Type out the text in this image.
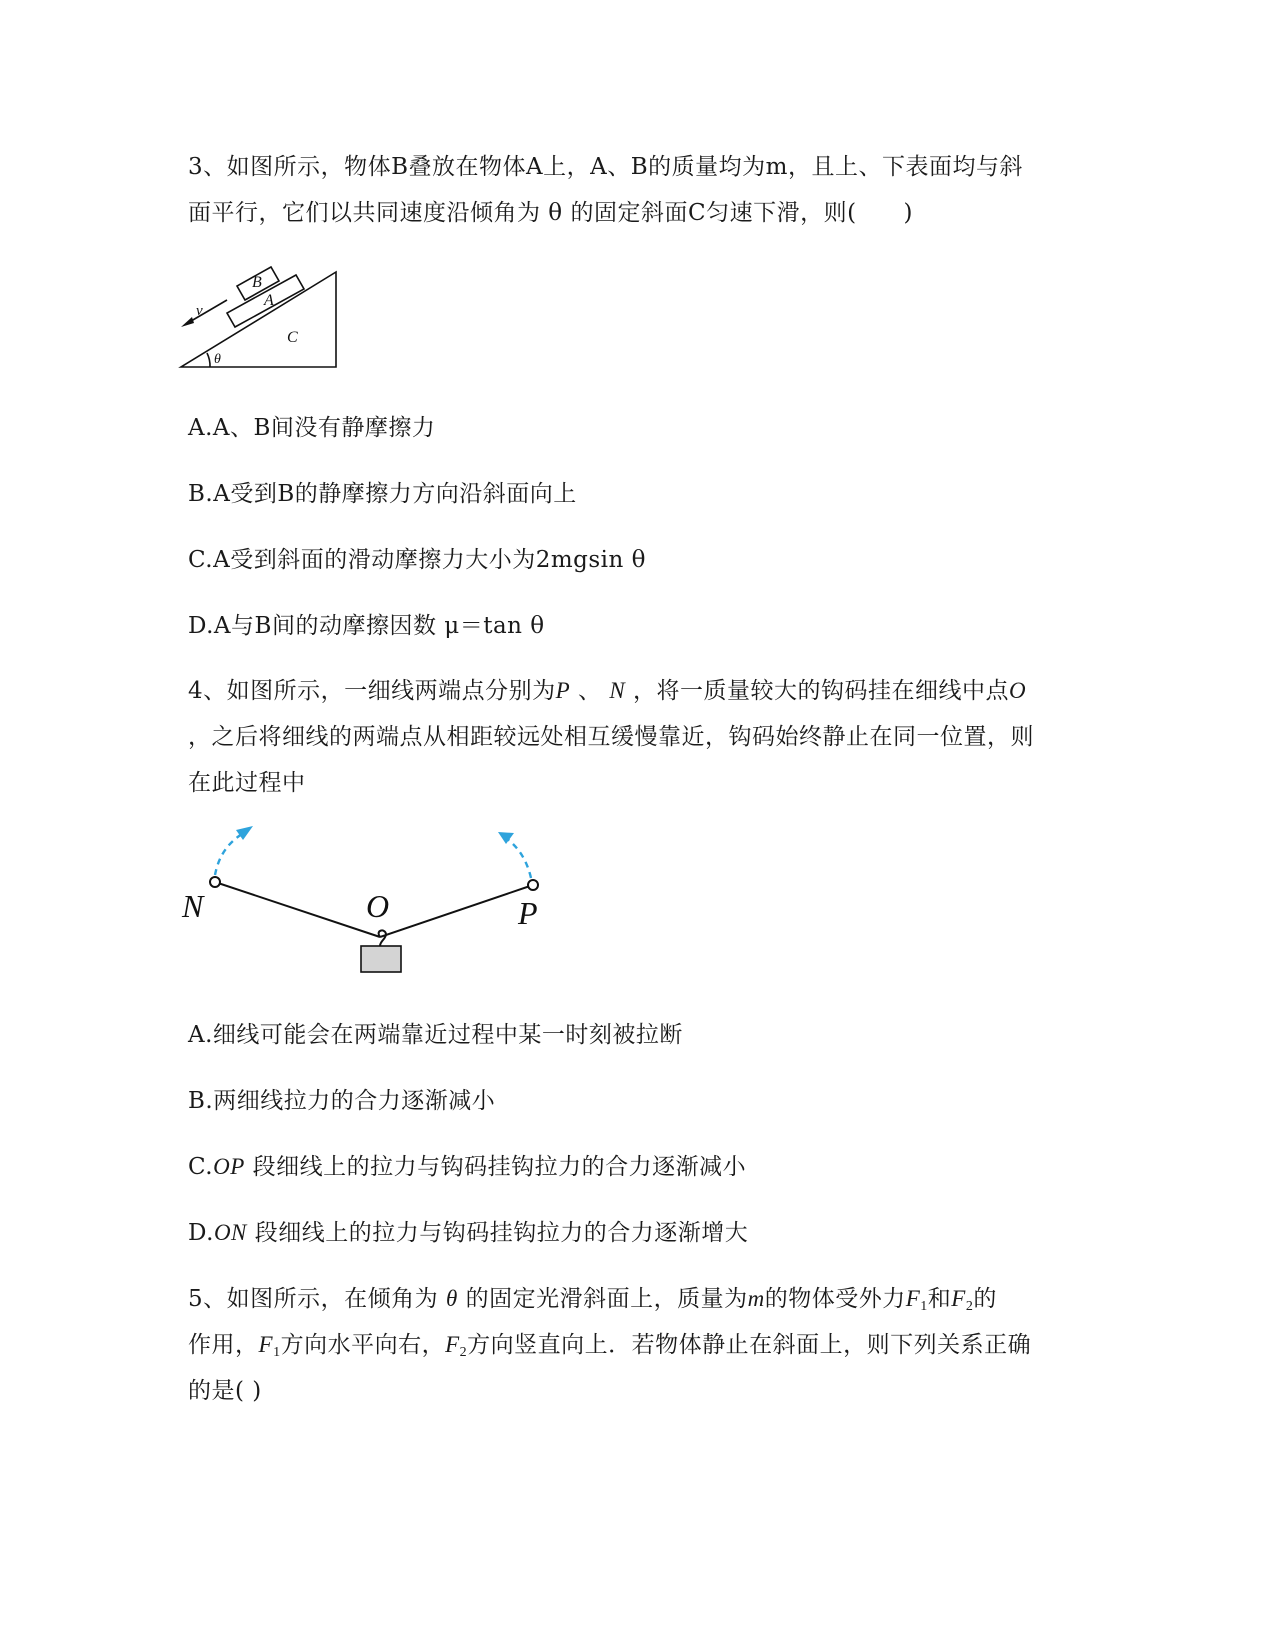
3、如图所示，物体B叠放在物体A上，A、B的质量均为m，且上、下表面均与斜
面平行，它们以共同速度沿倾角为 θ 的固定斜面C匀速下滑，则(　　)
B
A
C
v
θ
A.A、B间没有静摩擦力
B.A受到B的静摩擦力方向沿斜面向上
C.A受到斜面的滑动摩擦力大小为2mgsin θ
D.A与B间的动摩擦因数 μ＝tan θ
4、如图所示，一细线两端点分别为P 、 N ，将一质量较大的钩码挂在细线中点O
，之后将细线的两端点从相距较远处相互缓慢靠近，钩码始终静止在同一位置，则
在此过程中
N	O	P
A.细线可能会在两端靠近过程中某一时刻被拉断
B.两细线拉力的合力逐渐减小
C.OP 段细线上的拉力与钩码挂钩拉力的合力逐渐减小
D.ON 段细线上的拉力与钩码挂钩拉力的合力逐渐增大
5、如图所示，在倾角为 θ 的固定光滑斜面上，质量为m的物体受外力$F_1$和$F_2$的
作用，$F_1$方向水平向右，$F_2$方向竖直向上．若物体静止在斜面上，则下列关系正确
的是( )
